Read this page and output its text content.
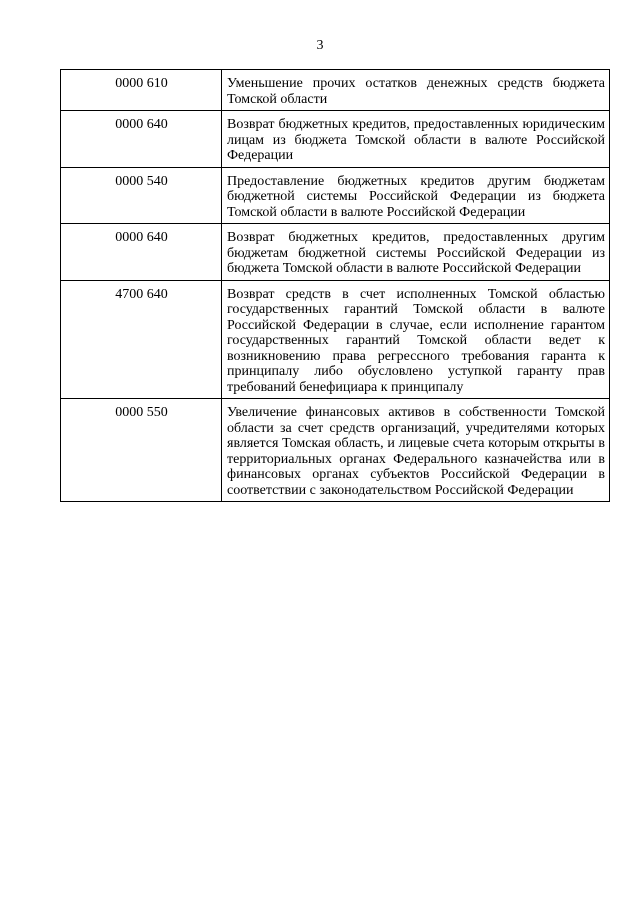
3
0000 610	Уменьшение прочих остатков денежных средств бюджета Томской области
0000 640	Возврат бюджетных кредитов, предоставленных юридическим лицам из бюджета Томской области в валюте Российской Федерации
0000 540	Предоставление бюджетных кредитов другим бюджетам бюджетной системы Российской Федерации из бюджета Томской области в валюте Российской Федерации
0000 640	Возврат бюджетных кредитов, предоставленных другим бюджетам бюджетной системы Российской Федерации из бюджета Томской области в валюте Российской Федерации
4700 640	Возврат средств в счет исполненных Томской областью государственных гарантий Томской области в валюте Российской Федерации в случае, если исполнение гарантом государственных гарантий Томской области ведет к возникновению права регрессного требования гаранта к принципалу либо обусловлено уступкой гаранту прав требований бенефициара к принципалу
0000 550	Увеличение финансовых активов в собственности Томской области за счет средств организаций, учредителями которых является Томская область, и лицевые счета которым открыты в территориальных органах Федерального казначейства или в финансовых органах субъектов Российской Федерации в соответствии с законодательством Российской Федерации
